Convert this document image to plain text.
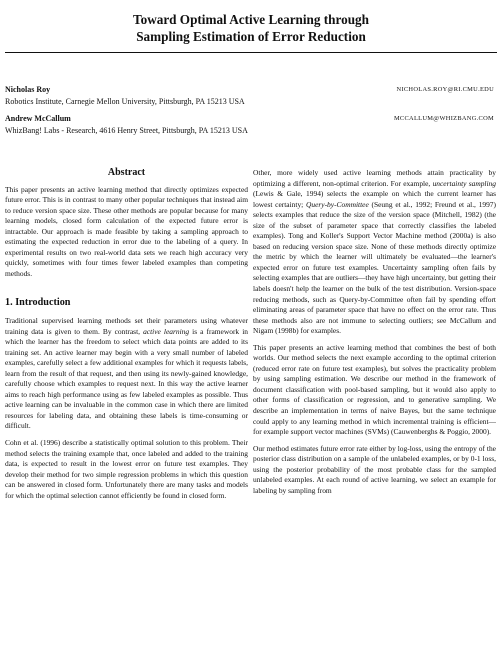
Toward Optimal Active Learning through
Sampling Estimation of Error Reduction
Nicholas Roy	NICHOLAS.ROY@RI.CMU.EDU
Robotics Institute, Carnegie Mellon University, Pittsburgh, PA 15213 USA
Andrew McCallum	MCCALLUM@WHIZBANG.COM
WhizBang! Labs - Research, 4616 Henry Street, Pittsburgh, PA 15213 USA
Abstract

This paper presents an active learning method that directly optimizes expected future error. This is in contrast to many other popular techniques that instead aim to reduce version space size. These other methods are popular because for many learning models, closed form calculation of the expected future error is intractable. Our approach is made feasible by taking a sampling approach to estimating the expected reduction in error due to the labeling of a query. In experimental results on two real-world data sets we reach high accuracy very quickly, sometimes with four times fewer labeled examples than competing methods.

1. Introduction

Traditional supervised learning methods set their parameters using whatever training data is given to them. By contrast, active learning is a framework in which the learner has the freedom to select which data points are added to its training set. An active learner may begin with a very small number of labeled examples, carefully select a few additional examples for which it requests labels, learn from the result of that request, and then using its newly-gained knowledge, carefully choose which examples to request next. In this way the active learner aims to reach high performance using as few labeled examples as possible. Thus active learning can be invaluable in the common case in which there are limited resources for labeling data, and obtaining these labels is time-consuming or difficult.

Cohn et al. (1996) describe a statistically optimal solution to this problem. Their method selects the training example that, once labeled and added to the training data, is expected to result in the lowest error on future test examples. They develop their method for two simple regression problems in which this question can be answered in closed form. Unfortunately there are many tasks and models for which the optimal selection cannot efficiently be found in closed form.

Other, more widely used active learning methods attain practicality by optimizing a different, non-optimal criterion. For example, uncertainty sampling (Lewis & Gale, 1994) selects the example on which the current learner has lowest certainty; Query-by-Committee (Seung et al., 1992; Freund et al., 1997) selects examples that reduce the size of the version space (Mitchell, 1982) (the size of the subset of parameter space that correctly classifies the labeled examples). Tong and Koller's Support Vector Machine method (2000a) is also based on reducing version space size. None of these methods directly optimize the metric by which the learner will ultimately be evaluated—the learner's expected error on future test examples. Uncertainty sampling often fails by selecting examples that are outliers—they have high uncertainty, but getting their labels doesn't help the learner on the bulk of the test distribution. Version-space reducing methods, such as Query-by-Committee often fail by spending effort eliminating areas of parameter space that have no effect on the error rate. Thus these methods also are not immune to selecting outliers; see McCallum and Nigam (1998b) for examples.

This paper presents an active learning method that combines the best of both worlds. Our method selects the next example according to the optimal criterion (reduced error rate on future test examples), but solves the practicality problem by using sampling estimation. We describe our method in the framework of document classification with pool-based sampling, but it would also apply to other forms of classification or regression, and to generative sampling. We describe an implementation in terms of naive Bayes, but the same technique could apply to any learning method in which incremental training is efficient—for example support vector machines (SVMs) (Cauwenberghs & Poggio, 2000).

Our method estimates future error rate either by log-loss, using the entropy of the posterior class distribution on a sample of the unlabeled examples, or by 0-1 loss, using the posterior probability of the most probable class for the sampled unlabeled examples. At each round of active learning, we select an example for labeling by sampling from
